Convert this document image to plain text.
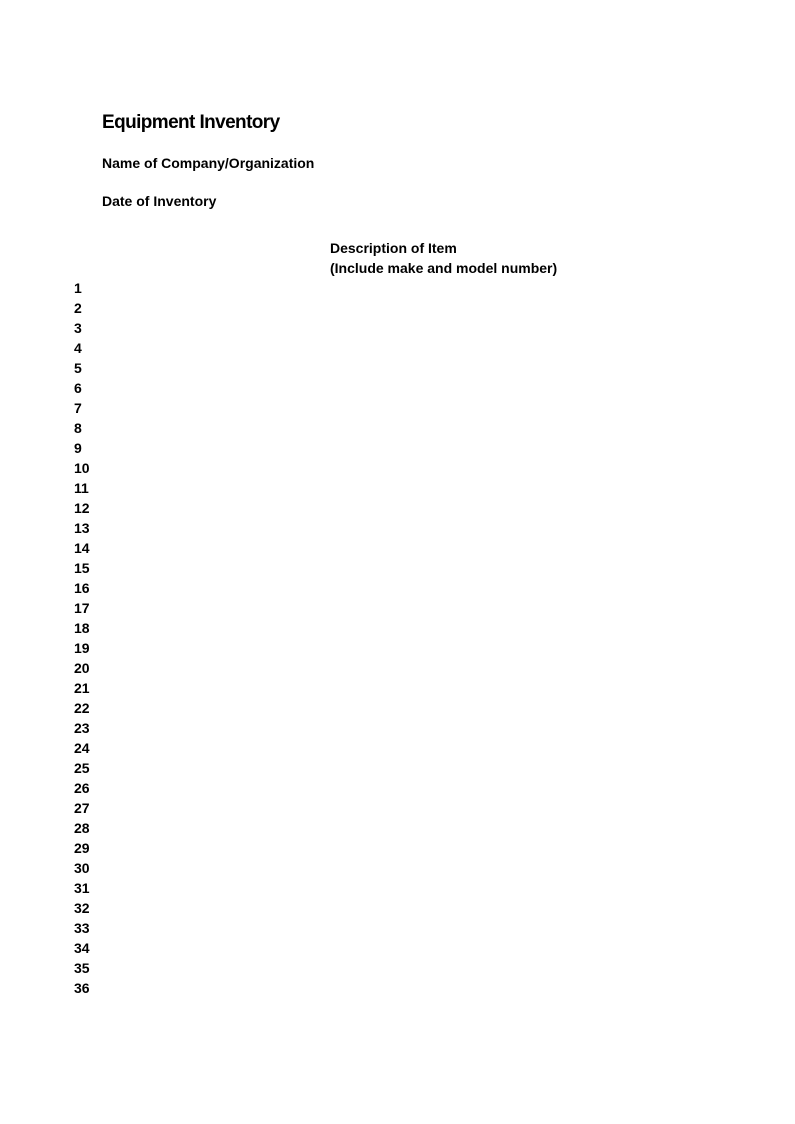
Equipment Inventory
Name of Company/Organization
Date of Inventory
Description of Item
(Include make and model number)
1
2
3
4
5
6
7
8
9
10
11
12
13
14
15
16
17
18
19
20
21
22
23
24
25
26
27
28
29
30
31
32
33
34
35
36
